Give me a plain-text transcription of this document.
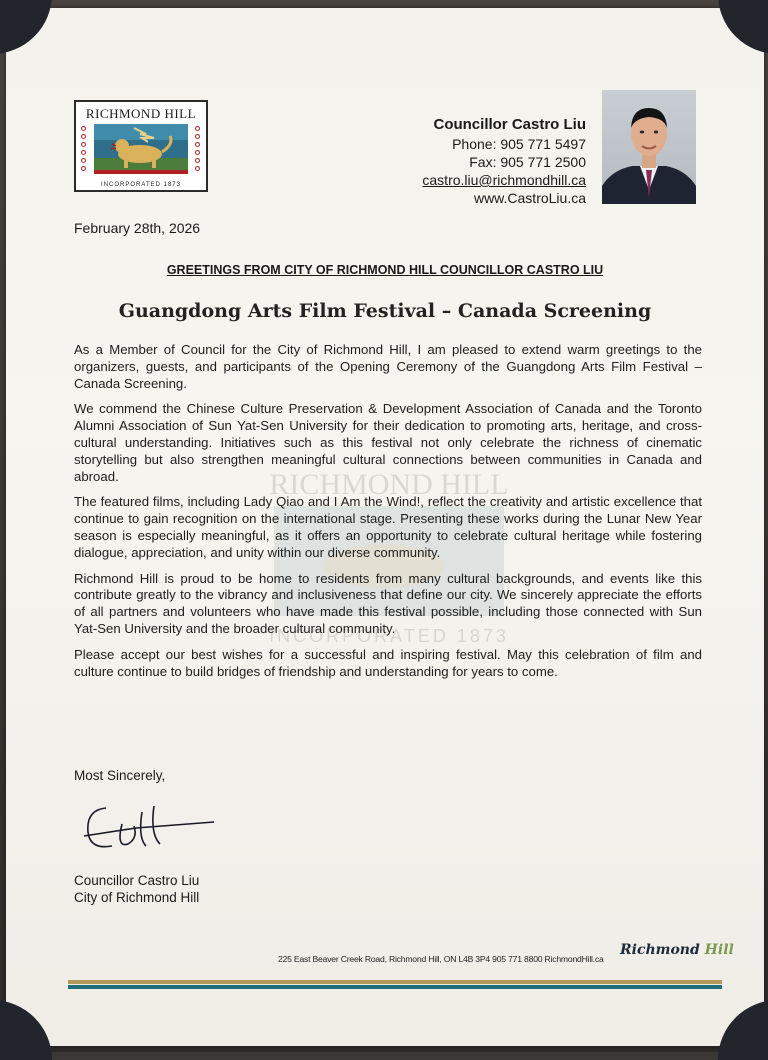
RICHMOND HILL
INCORPORATED 1873
Councillor Castro Liu
Phone: 905 771 5497
Fax: 905 771 2500
castro.liu@richmondhill.ca
www.CastroLiu.ca
February 28th, 2026
GREETINGS FROM CITY OF RICHMOND HILL COUNCILLOR CASTRO LIU
Guangdong Arts Film Festival – Canada Screening
RICHMOND HILL
INCORPORATED 1873

As a Member of Council for the City of Richmond Hill, I am pleased to extend warm greetings to the organizers, guests, and participants of the Opening Ceremony of the Guangdong Arts Film Festival – Canada Screening.

We commend the Chinese Culture Preservation & Development Association of Canada and the Toronto Alumni Association of Sun Yat-Sen University for their dedication to promoting arts, heritage, and cross-cultural understanding. Initiatives such as this festival not only celebrate the richness of cinematic storytelling but also strengthen meaningful cultural connections between communities in Canada and abroad.

The featured films, including Lady Qiao and I Am the Wind!, reflect the creativity and artistic excellence that continue to gain recognition on the international stage. Presenting these works during the Lunar New Year season is especially meaningful, as it offers an opportunity to celebrate cultural heritage while fostering dialogue, appreciation, and unity within our diverse community.

Richmond Hill is proud to be home to residents from many cultural backgrounds, and events like this contribute greatly to the vibrancy and inclusiveness that define our city. We sincerely appreciate the efforts of all partners and volunteers who have made this festival possible, including those connected with Sun Yat-Sen University and the broader cultural community.

Please accept our best wishes for a successful and inspiring festival. May this celebration of film and culture continue to build bridges of friendship and understanding for years to come.

Most Sincerely,
Councillor Castro Liu
City of Richmond Hill
225 East Beaver Creek Road, Richmond Hill, ON L4B 3P4 905 771 8800 RichmondHill.ca
Richmond Hill
